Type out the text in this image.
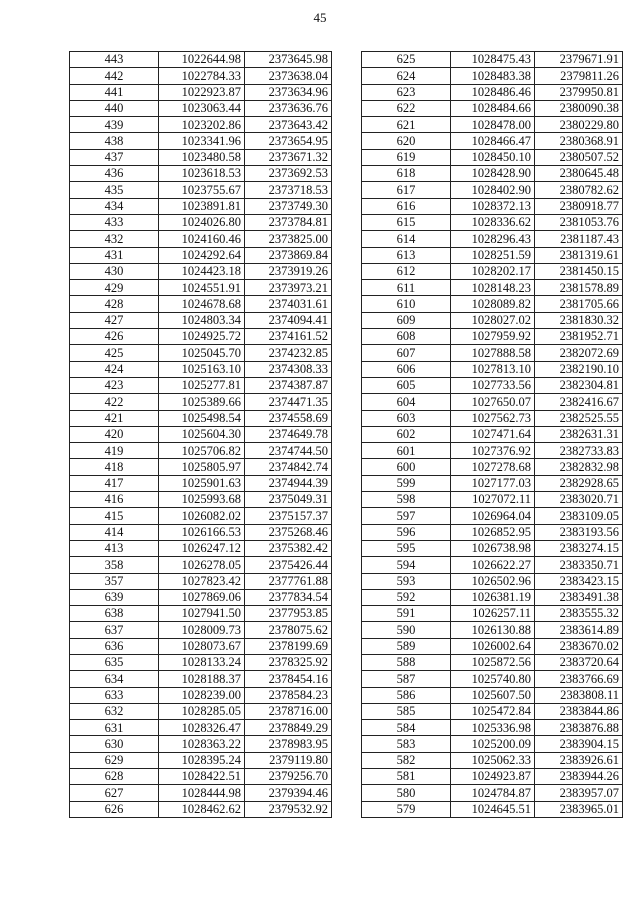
45
443	1022644.98	2373645.98
442	1022784.33	2373638.04
441	1022923.87	2373634.96
440	1023063.44	2373636.76
439	1023202.86	2373643.42
438	1023341.96	2373654.95
437	1023480.58	2373671.32
436	1023618.53	2373692.53
435	1023755.67	2373718.53
434	1023891.81	2373749.30
433	1024026.80	2373784.81
432	1024160.46	2373825.00
431	1024292.64	2373869.84
430	1024423.18	2373919.26
429	1024551.91	2373973.21
428	1024678.68	2374031.61
427	1024803.34	2374094.41
426	1024925.72	2374161.52
425	1025045.70	2374232.85
424	1025163.10	2374308.33
423	1025277.81	2374387.87
422	1025389.66	2374471.35
421	1025498.54	2374558.69
420	1025604.30	2374649.78
419	1025706.82	2374744.50
418	1025805.97	2374842.74
417	1025901.63	2374944.39
416	1025993.68	2375049.31
415	1026082.02	2375157.37
414	1026166.53	2375268.46
413	1026247.12	2375382.42
358	1026278.05	2375426.44
357	1027823.42	2377761.88
639	1027869.06	2377834.54
638	1027941.50	2377953.85
637	1028009.73	2378075.62
636	1028073.67	2378199.69
635	1028133.24	2378325.92
634	1028188.37	2378454.16
633	1028239.00	2378584.23
632	1028285.05	2378716.00
631	1028326.47	2378849.29
630	1028363.22	2378983.95
629	1028395.24	2379119.80
628	1028422.51	2379256.70
627	1028444.98	2379394.46
626	1028462.62	2379532.92
625	1028475.43	2379671.91
624	1028483.38	2379811.26
623	1028486.46	2379950.81
622	1028484.66	2380090.38
621	1028478.00	2380229.80
620	1028466.47	2380368.91
619	1028450.10	2380507.52
618	1028428.90	2380645.48
617	1028402.90	2380782.62
616	1028372.13	2380918.77
615	1028336.62	2381053.76
614	1028296.43	2381187.43
613	1028251.59	2381319.61
612	1028202.17	2381450.15
611	1028148.23	2381578.89
610	1028089.82	2381705.66
609	1028027.02	2381830.32
608	1027959.92	2381952.71
607	1027888.58	2382072.69
606	1027813.10	2382190.10
605	1027733.56	2382304.81
604	1027650.07	2382416.67
603	1027562.73	2382525.55
602	1027471.64	2382631.31
601	1027376.92	2382733.83
600	1027278.68	2382832.98
599	1027177.03	2382928.65
598	1027072.11	2383020.71
597	1026964.04	2383109.05
596	1026852.95	2383193.56
595	1026738.98	2383274.15
594	1026622.27	2383350.71
593	1026502.96	2383423.15
592	1026381.19	2383491.38
591	1026257.11	2383555.32
590	1026130.88	2383614.89
589	1026002.64	2383670.02
588	1025872.56	2383720.64
587	1025740.80	2383766.69
586	1025607.50	2383808.11
585	1025472.84	2383844.86
584	1025336.98	2383876.88
583	1025200.09	2383904.15
582	1025062.33	2383926.61
581	1024923.87	2383944.26
580	1024784.87	2383957.07
579	1024645.51	2383965.01
